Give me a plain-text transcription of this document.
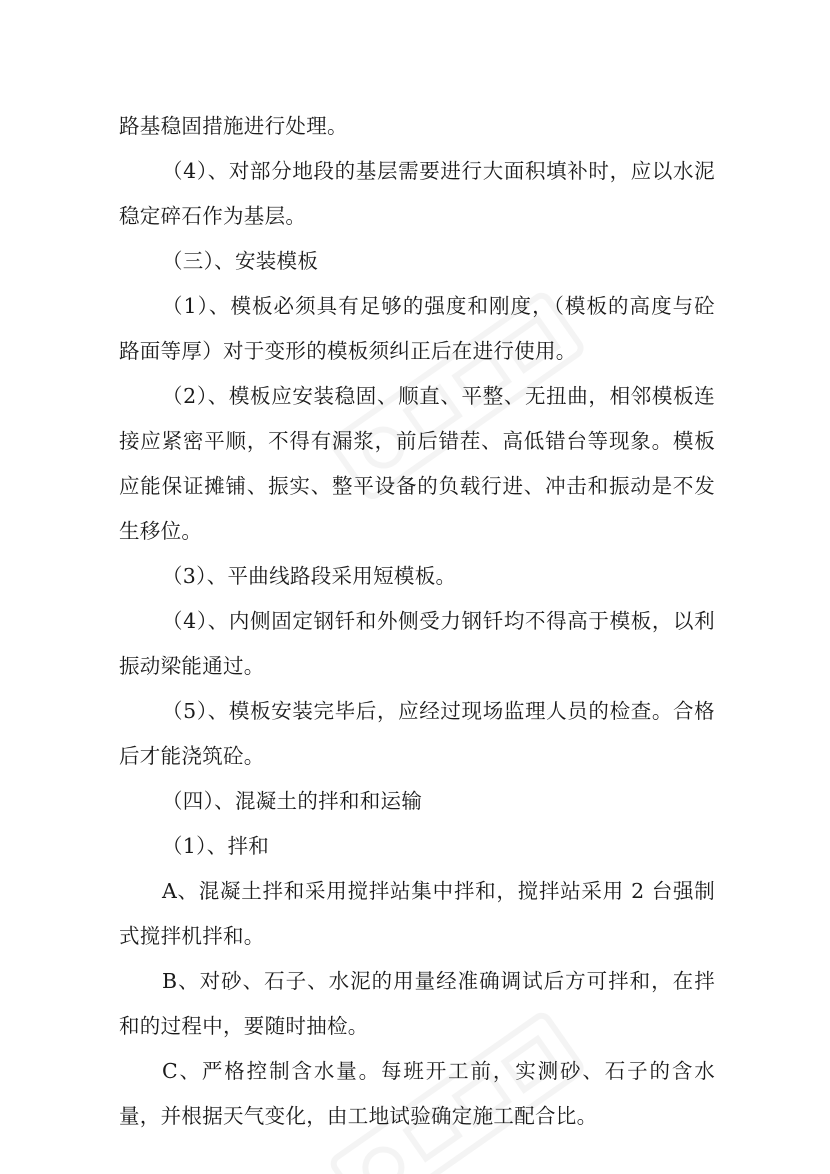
路基稳固措施进行处理。

（4）、对部分地段的基层需要进行大面积填补时，应以水泥稳定碎石作为基层。

（三）、安装模板

（1）、模板必须具有足够的强度和刚度，（模板的高度与砼路面等厚）对于变形的模板须纠正后在进行使用。

（2）、模板应安装稳固、顺直、平整、无扭曲，相邻模板连接应紧密平顺，不得有漏浆，前后错茬、高低错台等现象。模板应能保证摊铺、振实、整平设备的负载行进、冲击和振动是不发生移位。

（3）、平曲线路段采用短模板。

（4）、内侧固定钢钎和外侧受力钢钎均不得高于模板，以利振动梁能通过。

（5）、模板安装完毕后，应经过现场监理人员的检查。合格后才能浇筑砼。

（四）、混凝土的拌和和运输

（1）、拌和

A、混凝土拌和采用搅拌站集中拌和，搅拌站采用 2 台强制式搅拌机拌和。

B、对砂、石子、水泥的用量经准确调试后方可拌和，在拌和的过程中，要随时抽检。

C、严格控制含水量。每班开工前，实测砂、石子的含水量，并根据天气变化，由工地试验确定施工配合比。
